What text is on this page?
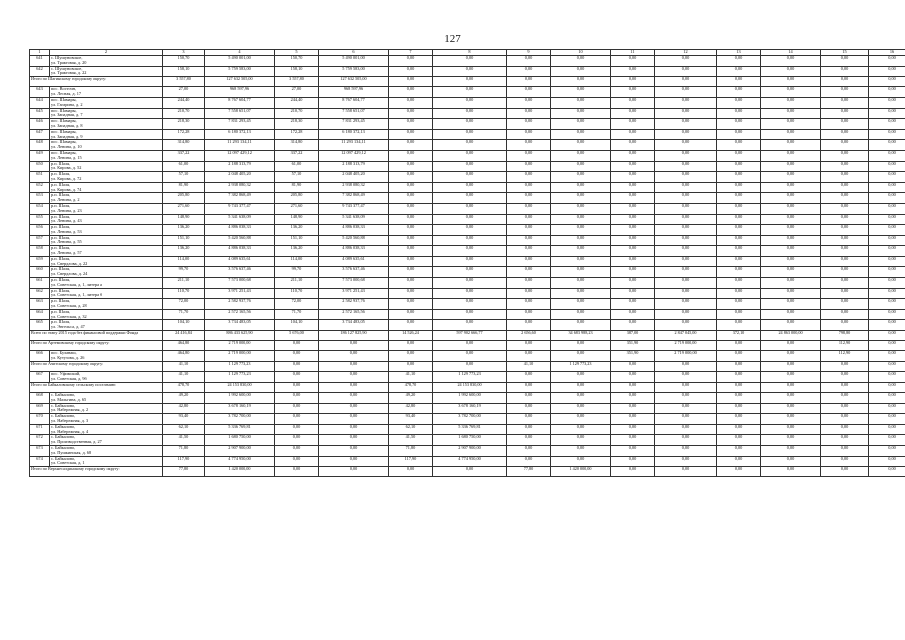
127
1	2	3	4	5	6	7	8	9	10	11	12	13	14	15	16
641	с. Шушуновское,
ул. Трактовая, д. 20	150,70	5 490 001,00	150,70	5 490 001,00	0,00	0,00	0,00	0,00	0,00	0,00	0,00	0,00	0,00	0,00
642	с. Шушуновское,
ул. Трактовая, д. 22	158,10	5 759 583,00	158,10	5 759 583,00	0,00	0,00	0,00	0,00	0,00	0,00	0,00	0,00	0,00	0,00
Итого по Шагинскому городскому округу:		3 557,80	127 632 505,00	3 557,80	127 632 505,00	0,00	0,00	0,00	0,00	0,00	0,00	0,00	0,00	0,00	0,00
643	пос. Восточн,
ул. Лесная, д. 17	27,00	968 597,96	27,00	968 597,96	0,00	0,00	0,00	0,00	0,00	0,00	0,00	0,00	0,00	0,00
644	пос. Шамары,
ул. Гагарина, д. 2	244,40	8 767 604,77	244,40	8 767 604,77	0,00	0,00	0,00	0,00	0,00	0,00	0,00	0,00	0,00	0,00
645	пос. Шамары,
ул. Западная, д. 7	210,70	7 558 651,07	210,70	7 558 651,07	0,00	0,00	0,00	0,00	0,00	0,00	0,00	0,00	0,00	0,00
646	пос. Шамары,
ул. Западная, д. 8	218,30	7 831 293,45	218,30	7 831 293,45	0,00	0,00	0,00	0,00	0,00	0,00	0,00	0,00	0,00	0,00
647	пос. Шамары,
ул. Западная, д. 9	172,28	6 180 372,13	172,28	6 180 372,13	0,00	0,00	0,00	0,00	0,00	0,00	0,00	0,00	0,00	0,00
648	пос. Шамары,
ул. Ленина, д. 10	314,80	11 293 134,11	314,80	11 293 134,11	0,00	0,00	0,00	0,00	0,00	0,00	0,00	0,00	0,00	0,00
649	пос. Шамары,
ул. Ленина, д. 15	337,22	12 097 429,12	337,22	12 097 429,12	0,00	0,00	0,00	0,00	0,00	0,00	0,00	0,00	0,00	0,00
650	р.п. Шаля,
ул. Кирова, д. 52	61,00	2 188 313,79	61,00	2 188 313,79	0,00	0,00	0,00	0,00	0,00	0,00	0,00	0,00	0,00	0,00
651	р.п. Шаля,
ул. Кирова, д. 72	57,10	2 048 405,20	57,10	2 048 405,20	0,00	0,00	0,00	0,00	0,00	0,00	0,00	0,00	0,00	0,00
652	р.п. Шаля,
ул. Кирова, д. 74	81,90	2 938 080,32	81,90	2 938 080,32	0,00	0,00	0,00	0,00	0,00	0,00	0,00	0,00	0,00	0,00
653	р.п. Шаля,
ул. Ленина, д. 2	205,80	7 382 868,49	205,80	7 382 868,49	0,00	0,00	0,00	0,00	0,00	0,00	0,00	0,00	0,00	0,00
654	р.п. Шаля,
ул. Ленина, д. 23	271,60	9 743 377,47	271,60	9 743 377,47	0,00	0,00	0,00	0,00	0,00	0,00	0,00	0,00	0,00	0,00
655	р.п. Шаля,
ул. Ленина, д. 43	148,90	5 341 638,09	148,90	5 341 638,09	0,00	0,00	0,00	0,00	0,00	0,00	0,00	0,00	0,00	0,00
656	р.п. Шаля,
ул. Ленина, д. 53	136,20	4 886 038,33	136,20	4 886 038,33	0,00	0,00	0,00	0,00	0,00	0,00	0,00	0,00	0,00	0,00
657	р.п. Шаля,
ул. Ленина, д. 55	151,10	5 420 560,88	151,10	5 420 560,88	0,00	0,00	0,00	0,00	0,00	0,00	0,00	0,00	0,00	0,00
658	р.п. Шаля,
ул. Ленина, д. 57	136,20	4 886 038,33	136,20	4 886 038,33	0,00	0,00	0,00	0,00	0,00	0,00	0,00	0,00	0,00	0,00
659	р.п. Шаля,
ул. Свердлова, д. 22	114,00	4 089 635,61	114,00	4 089 635,61	0,00	0,00	0,00	0,00	0,00	0,00	0,00	0,00	0,00	0,00
660	р.п. Шаля,
ул. Свердлова, д. 24	99,70	3 576 637,46	99,70	3 576 637,46	0,00	0,00	0,00	0,00	0,00	0,00	0,00	0,00	0,00	0,00
661	р.п. Шаля,
ул. Советская, д. 1, литера а	211,10	7 573 000,68	211,10	7 573 000,68	0,00	0,00	0,00	0,00	0,00	0,00	0,00	0,00	0,00	0,00
662	р.п. Шаля,
ул. Советская, д. 1, литера б	110,70	3 971 251,43	110,70	3 971 251,43	0,00	0,00	0,00	0,00	0,00	0,00	0,00	0,00	0,00	0,00
663	р.п. Шаля,
ул. Советская, д. 28	72,00	2 582 937,76	72,00	2 582 937,76	0,00	0,00	0,00	0,00	0,00	0,00	0,00	0,00	0,00	0,00
664	р.п. Шаля,
ул. Советская, д. 32	71,70	2 572 165,56	71,70	2 572 165,56	0,00	0,00	0,00	0,00	0,00	0,00	0,00	0,00	0,00	0,00
665	р.п. Шаля,
ул. Энгельса, д. 47	104,10	3 734 483,05	104,10	3 734 483,05	0,00	0,00	0,00	0,00	0,00	0,00	0,00	0,00	0,00	0,00
Всего по этапу 2015 года без финансовой поддержки Фонда		24 416,84	886 433 625,90	5 676,00	186 127 825,90	14 526,24	597 902 666,77	2 656,60	34 683 988,23	387,00	2 847 045,00	372,10	24 863 000,00	798,80	0,00
Итого по Артемовскому городскому округу:		464,80	2 719 000,00	0,00	0,00	0,00	0,00	0,00	0,00	351,90	2 719 000,00	0,00	0,00	112,90	0,00
666	пос. Буланаш,
ул. Кутузова, д. 26	464,80	2 719 000,00	0,00	0,00	0,00	0,00	0,00	0,00	351,90	2 719 000,00	0,00	0,00	112,90	0,00
Итого по Ачитскому городскому округу:		41,10	1 129 773,23	0,00	0,00	0,00	0,00	41,10	1 129 773,23	0,00	0,00	0,00	0,00	0,00	0,00
667	пос. Уфимский,
ул. Советская, д. 9б	41,10	1 129 773,23	0,00	0,00	41,10	1 129 773,23	0,00	0,00	0,00	0,00	0,00	0,00	0,00	0,00
Итого по Байкаловскому сельскому поселению:		478,70	24 153 830,00	0,00	0,00	478,70	24 153 830,00	0,00	0,00	0,00	0,00	0,00	0,00	0,00	0,00
668	с. Байкалово,
ул. Мальгина, д. 65	49,20	1 992 600,00	0,00	0,00	49,20	1 992 600,00	0,00	0,00	0,00	0,00	0,00	0,00	0,00	0,00
669	с. Байкалово,
ул. Набережная, д. 2	42,80	3 678 160,19	0,00	0,00	42,80	3 678 160,19	0,00	0,00	0,00	0,00	0,00	0,00	0,00	0,00
670	с. Байкалово,
ул. Набережная, д. 3	93,40	3 782 700,00	0,00	0,00	93,40	3 782 700,00	0,00	0,00	0,00	0,00	0,00	0,00	0,00	0,00
671	с. Байкалово,
ул. Набережная, д. 4	62,10	5 336 769,81	0,00	0,00	62,10	5 336 769,81	0,00	0,00	0,00	0,00	0,00	0,00	0,00	0,00
672	с. Байкалово,
ул. Производственная, д. 27	41,50	1 680 750,00	0,00	0,00	41,50	1 680 750,00	0,00	0,00	0,00	0,00	0,00	0,00	0,00	0,00
673	с. Байкалово,
ул. Пушкинская, д. 68	71,80	2 907 900,00	0,00	0,00	71,80	2 907 900,00	0,00	0,00	0,00	0,00	0,00	0,00	0,00	0,00
674	с. Байкалово,
ул. Советская, д. 1	117,90	4 774 950,00	0,00	0,00	117,90	4 774 950,00	0,00	0,00	0,00	0,00	0,00	0,00	0,00	0,00
Итого по Верхнесалдинскому городскому округу:		77,80	1 420 000,00	0,00	0,00	0,00	0,00	77,80	1 420 000,00	0,00	0,00	0,00	0,00	0,00	0,00
